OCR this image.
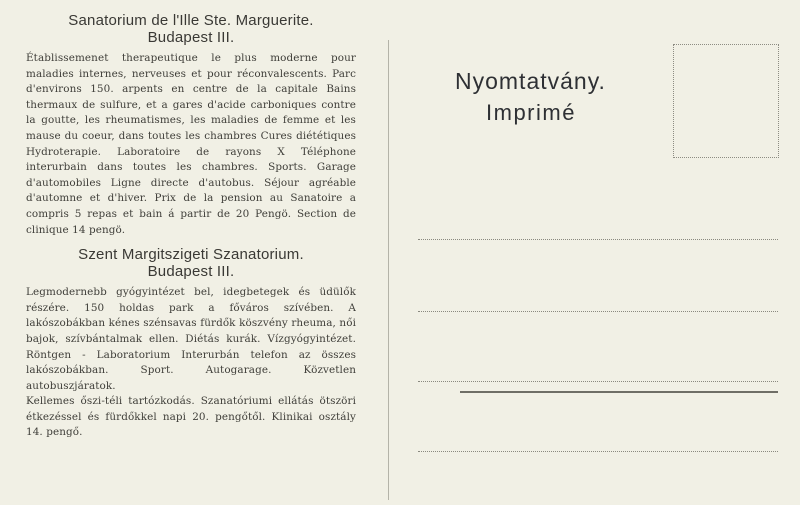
Sanatorium de l'Ille Ste. Marguerite.
Budapest III.
Établissemenet therapeutique le plus moderne pour maladies internes, nerveuses et pour réconvalescents. Parc d'environs 150. arpents en centre de la capitale Bains thermaux de sulfure, et a gares d'acide carboniques contre la goutte, les rheumatismes, les maladies de femme et les mause du coeur, dans toutes les chambres Cures diététiques Hydroterapie. Laboratoire de rayons X Téléphone interurbain dans toutes les chambres. Sports. Garage d'automobiles Ligne directe d'autobus. Séjour agréable d'automne et d'hiver. Prix de la pension au Sanatoire a compris 5 repas et bain á partir de 20 Pengö. Section de clinique 14 pengö.
Szent Margitszigeti Szanatorium.
Budapest III.
Legmodernebb gyógyintézet bel, idegbetegek és üdülők részére. 150 holdas park a főváros szívében. A lakószobákban kénes szénsavas fürdők köszvény rheuma, női bajok, szívbántalmak ellen. Diétás kurák. Vízgyógyintézet. Röntgen - Laboratorium Interurbán telefon az összes lakószobákban. Sport. Autogarage. Közvetlen autobuszjáratok.
Kellemes őszi-téli tartózkodás. Szanatóriumi ellátás ötszöri étkezéssel és fürdőkkel napi 20. pengőtől. Klinikai osztály 14. pengő.
Nyomtatvány.
Imprimé
